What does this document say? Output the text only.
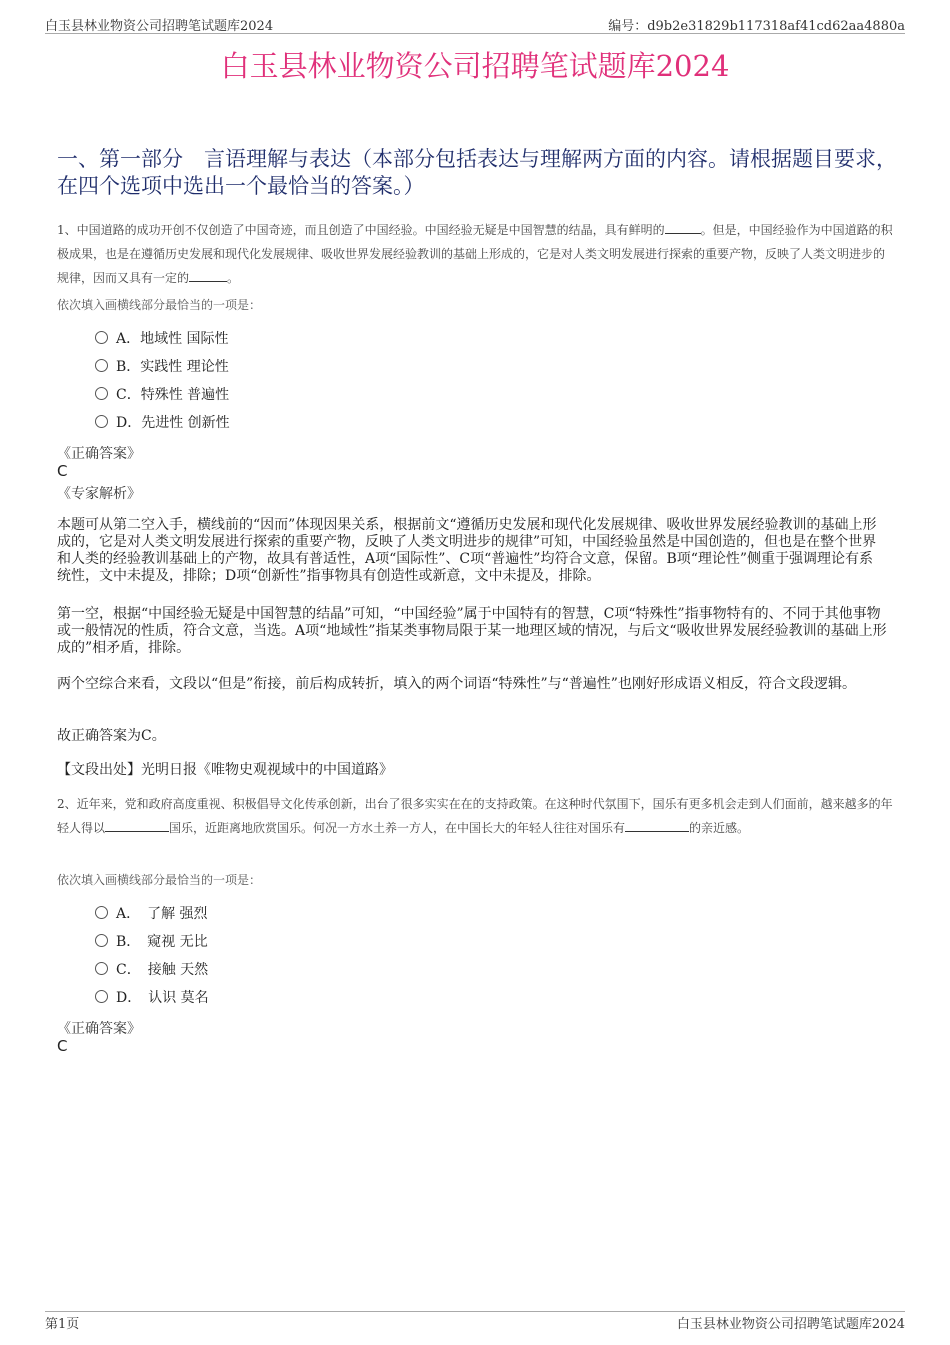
白玉县林业物资公司招聘笔试题库2024	编号：d9b2e31829b117318af41cd62aa4880a
白玉县林业物资公司招聘笔试题库2024
一、第一部分　言语理解与表达（本部分包括表达与理解两方面的内容。请根据题目要求，在四个选项中选出一个最恰当的答案。）
1、中国道路的成功开创不仅创造了中国奇迹，而且创造了中国经验。中国经验无疑是中国智慧的结晶，具有鲜明的	。但是，中国经验作为中国道路的积极成果，也是在遵循历史发展和现代化发展规律、吸收世界发展经验教训的基础上形成的，它是对人类文明发展进行探索的重要产物，反映了人类文明进步的规律，因而又具有一定的	。
依次填入画横线部分最恰当的一项是：
A．地域性 国际性
B．实践性 理论性
C．特殊性 普遍性
D．先进性 创新性
《正确答案》
C
《专家解析》

本题可从第二空入手，横线前的“因而”体现因果关系，根据前文“遵循历史发展和现代化发展规律、吸收世界发展经验教训的基础上形成的，它是对人类文明发展进行探索的重要产物，反映了人类文明进步的规律”可知，中国经验虽然是中国创造的，但也是在整个世界和人类的经验教训基础上的产物，故具有普适性，A项“国际性”、C项“普遍性”均符合文意，保留。B项“理论性”侧重于强调理论有系统性，文中未提及，排除；D项“创新性”指事物具有创造性或新意，文中未提及，排除。

第一空，根据“中国经验无疑是中国智慧的结晶”可知，“中国经验”属于中国特有的智慧，C项“特殊性”指事物特有的、不同于其他事物或一般情况的性质，符合文意，当选。A项“地域性”指某类事物局限于某一地理区域的情况，与后文“吸收世界发展经验教训的基础上形成的”相矛盾，排除。

两个空综合来看，文段以“但是”衔接，前后构成转折，填入的两个词语“特殊性”与“普遍性”也刚好形成语义相反，符合文段逻辑。

故正确答案为C。

【文段出处】光明日报《唯物史观视域中的中国道路》

2、近年来，党和政府高度重视、积极倡导文化传承创新，出台了很多实实在在的支持政策。在这种时代氛围下，国乐有更多机会走到人们面前，越来越多的年轻人得以	国乐，近距离地欣赏国乐。何况一方水土养一方人，在中国长大的年轻人往往对国乐有	的亲近感。
依次填入画横线部分最恰当的一项是：
A．　了解 强烈
B．　窥视 无比
C．　接触 天然
D．　认识 莫名
《正确答案》
C
第1页	白玉县林业物资公司招聘笔试题库2024
